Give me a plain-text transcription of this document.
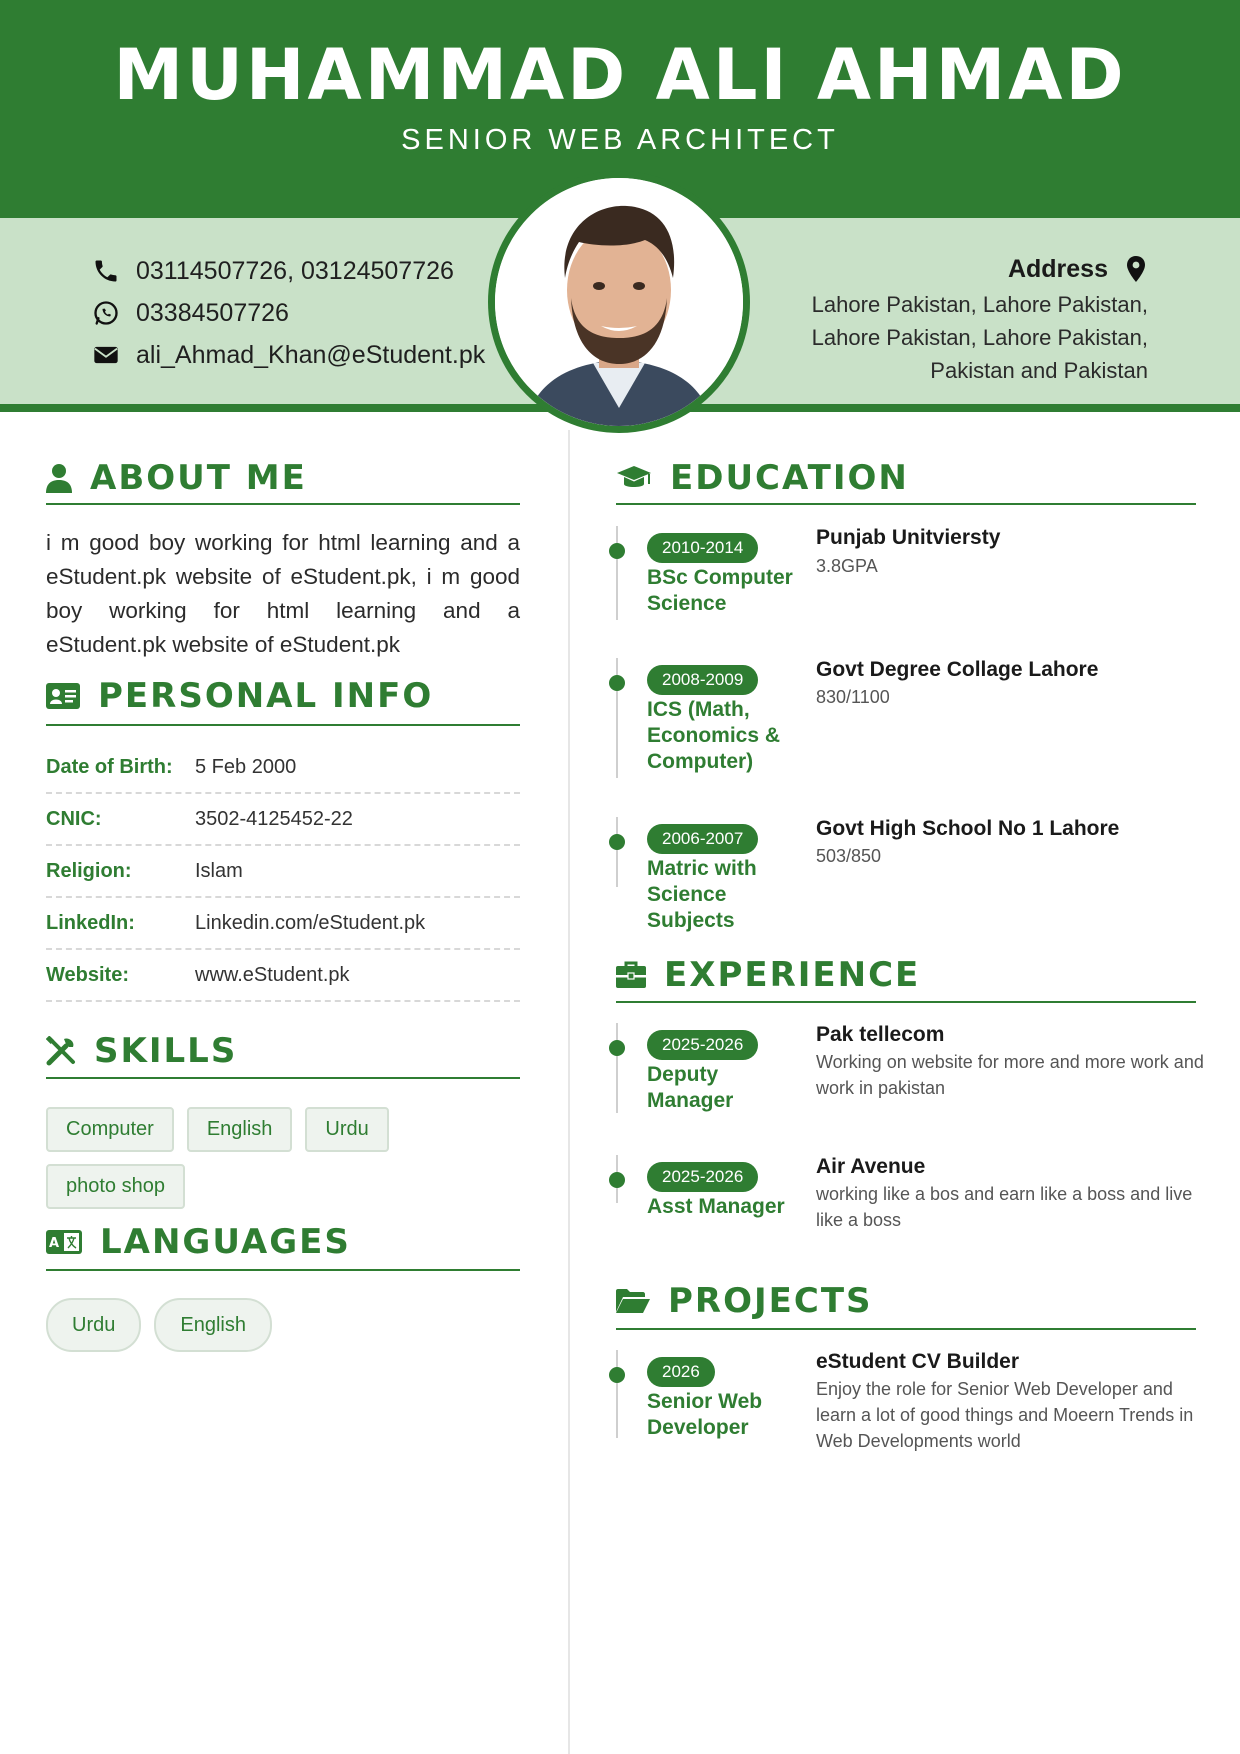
MUHAMMAD ALI AHMAD
SENIOR WEB ARCHITECT
03114507726, 03124507726
03384507726
ali_Ahmad_Khan@eStudent.pk
Address
Lahore Pakistan, Lahore Pakistan,
Lahore Pakistan, Lahore Pakistan,
Pakistan and Pakistan
ABOUT ME
i m good boy working for html learning and a eStudent.pk website of eStudent.pk, i m good boy working for html learning and a eStudent.pk website of eStudent.pk
PERSONAL INFO
Date of Birth:	5 Feb 2000
CNIC:	3502-4125452-22
Religion:	Islam
LinkedIn:	Linkedin.com/eStudent.pk
Website:	www.eStudent.pk
SKILLS
Computer	English	Urdu
photo shop
A LANGUAGES
Urdu	English
EDUCATION
2010-2014
BSc Computer Science
Punjab Unitviersty
3.8GPA
2008-2009
ICS (Math, Economics & Computer)
Govt Degree Collage Lahore
830/1100
2006-2007
Matric with Science Subjects
Govt High School No 1 Lahore
503/850
EXPERIENCE
2025-2026
Deputy Manager
Pak tellecom
Working on website for more and more work and work in pakistan
2025-2026
Asst Manager
Air Avenue
working like a bos and earn like a boss and live like a boss
PROJECTS
2026
Senior Web Developer
eStudent CV Builder
Enjoy the role for Senior Web Developer and learn a lot of good things and Moeern Trends in Web Developments world
